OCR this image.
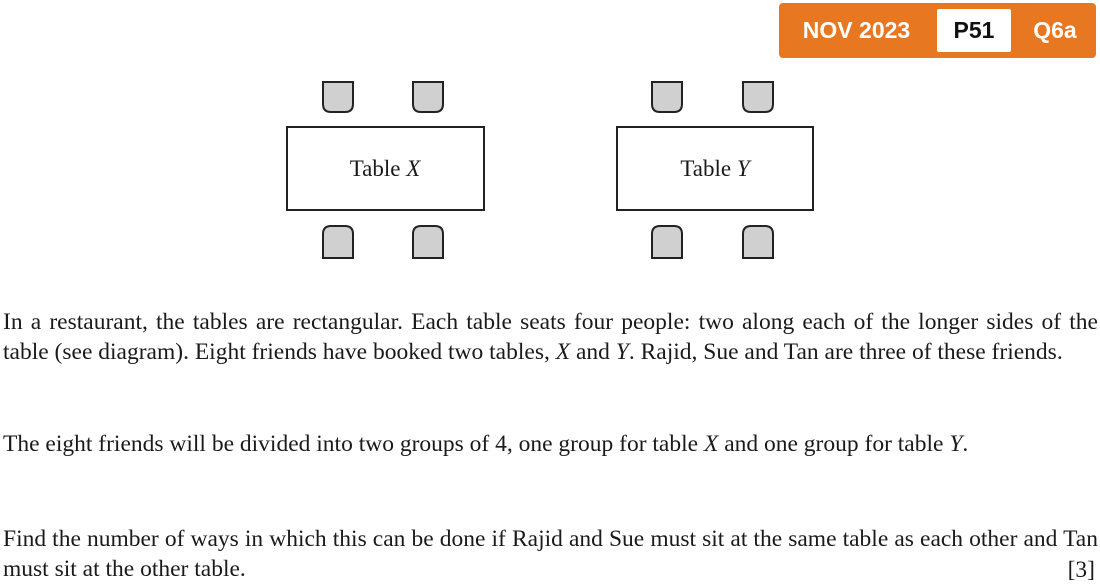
NOV 2023	P51	Q6a
Table X	Table Y

In a restaurant, the tables are rectangular. Each table seats four people: two along each of the longer sides of the table (see diagram). Eight friends have booked two tables, X and Y. Rajid, Sue and Tan are three of these friends.

The eight friends will be divided into two groups of 4, one group for table X and one group for table Y.

Find the number of ways in which this can be done if Rajid and Sue must sit at the same table as each other and Tan must sit at the other table.	[3]
